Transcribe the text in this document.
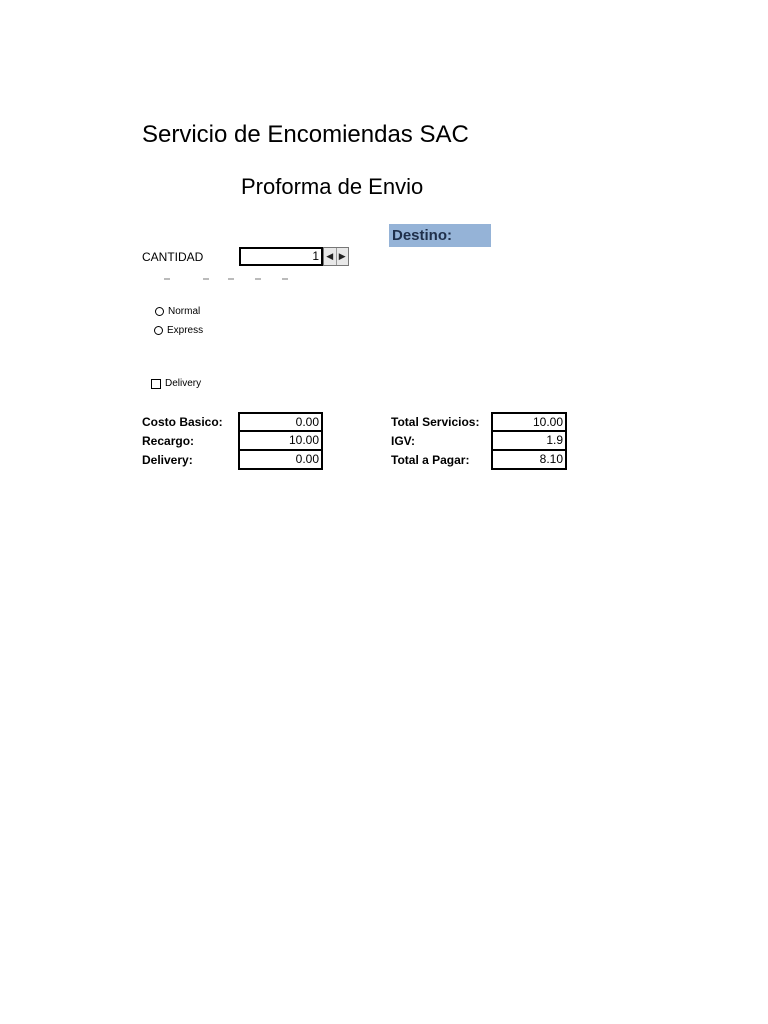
Servicio de Encomiendas SAC
Proforma de Envio
Destino:
CANTIDAD	1 ◀ ▶
Normal
Express
Delivery
Costo Basico:	0.00
Recargo:	10.00
Delivery:	0.00
Total Servicios:	10.00
IGV:	1.9
Total a Pagar:	8.10
